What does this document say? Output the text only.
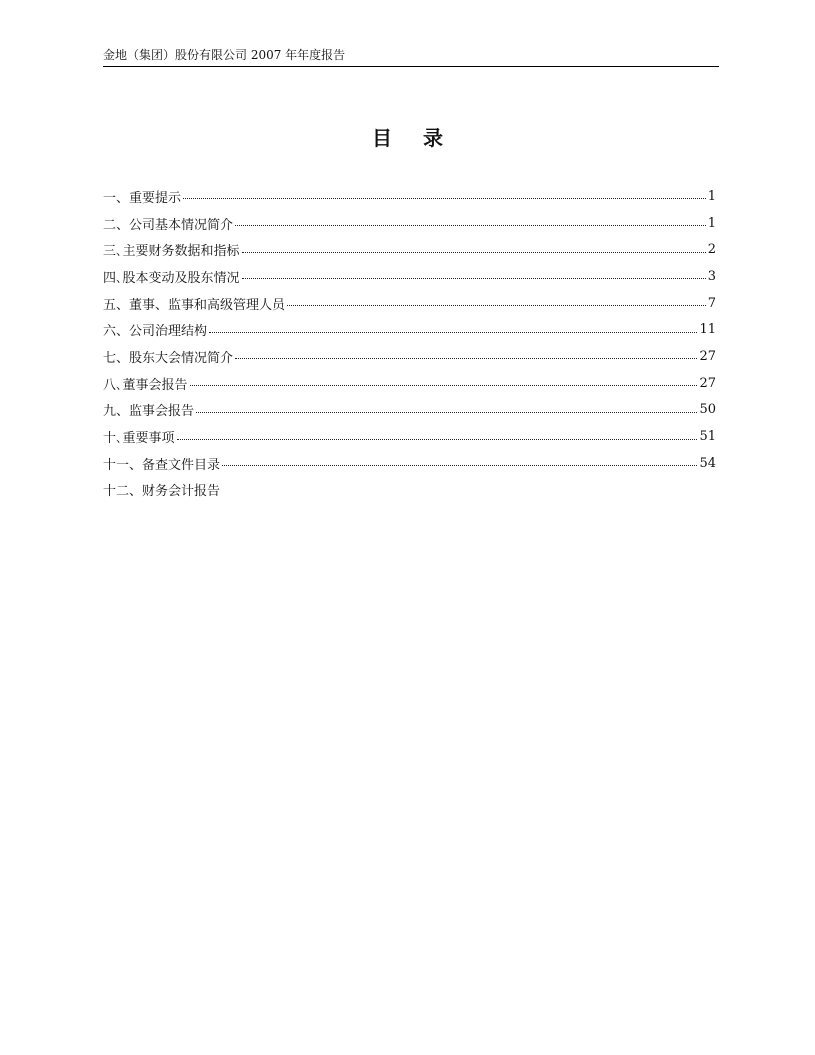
金地（集团）股份有限公司 2007 年年度报告
目 录
一、重要提示	1
二、公司基本情况简介	1
三､主要财务数据和指标	2
四､股本变动及股东情况	3
五、董事、监事和高级管理人员	7
六、公司治理结构	11
七、股东大会情况简介	27
八､董事会报告	27
九、监事会报告	50
十､重要事项	51
十一、备查文件目录	54
十二、财务会计报告
